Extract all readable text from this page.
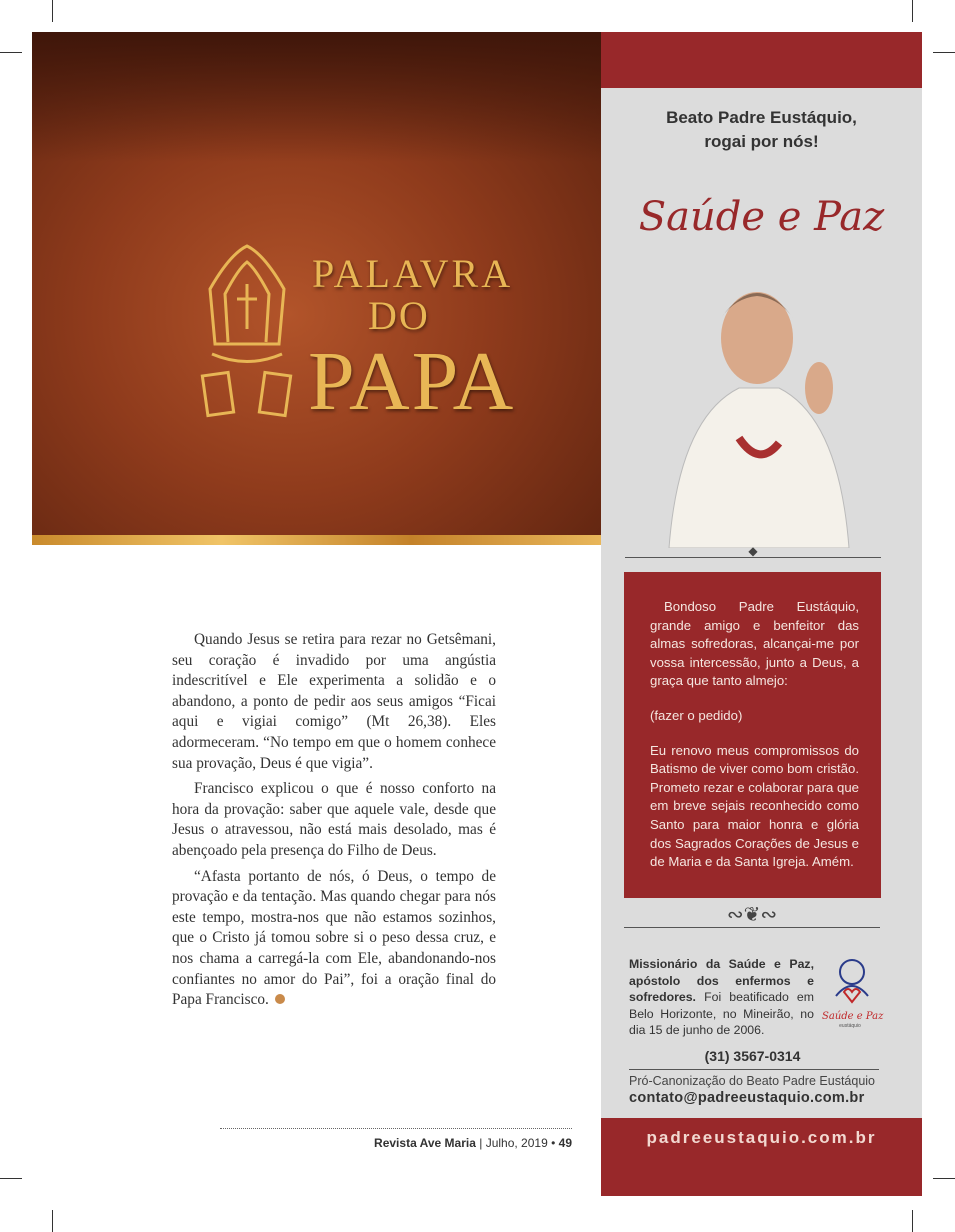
PALAVRA
DO
PAPA

Quando Jesus se retira para rezar no Getsêmani, seu coração é invadido por uma angústia indescritível e Ele experimenta a solidão e o abandono, a ponto de pedir aos seus amigos “Ficai aqui e vigiai comigo” (Mt 26,38). Eles adormeceram. “No tempo em que o homem conhece sua provação, Deus é que vigia”.

Francisco explicou o que é nosso conforto na hora da provação: saber que aquele vale, desde que Jesus o atravessou, não está mais desolado, mas é abençoado pela presença do Filho de Deus.

“Afasta portanto de nós, ó Deus, o tempo de provação e da tentação. Mas quando chegar para nós este tempo, mostra-nos que não estamos sozinhos, que o Cristo já tomou sobre si o peso dessa cruz, e nos chama a carregá-la com Ele, abandonando-nos confiantes no amor do Pai”, foi a oração final do Papa Francisco.

Revista Ave Maria | Julho, 2019 • 49
Beato Padre Eustáquio,
rogai por nós!
Saúde e Paz
◆

Bondoso Padre Eustáquio, grande amigo e benfeitor das almas sofredoras, alcançai-me por vossa intercessão, junto a Deus, a graça que tanto almejo:

(fazer o pedido)

Eu renovo meus compromissos do Batismo de viver como bom cristão. Prometo rezar e colaborar para que em breve sejais reconhecido como Santo para maior honra e glória dos Sagrados Corações de Jesus e de Maria e da Santa Igreja. Amém.

∾❦∾
Missionário da Saúde e Paz, apóstolo dos enfermos e sofredores. Foi beatificado em Belo Horizonte, no Mineirão, no dia 15 de junho de 2006.
Saúde e Paz
eustáquio
(31) 3567-0314
Pró-Canonização do Beato Padre Eustáquio
contato@padreeustaquio.com.br
padreeustaquio.com.br
